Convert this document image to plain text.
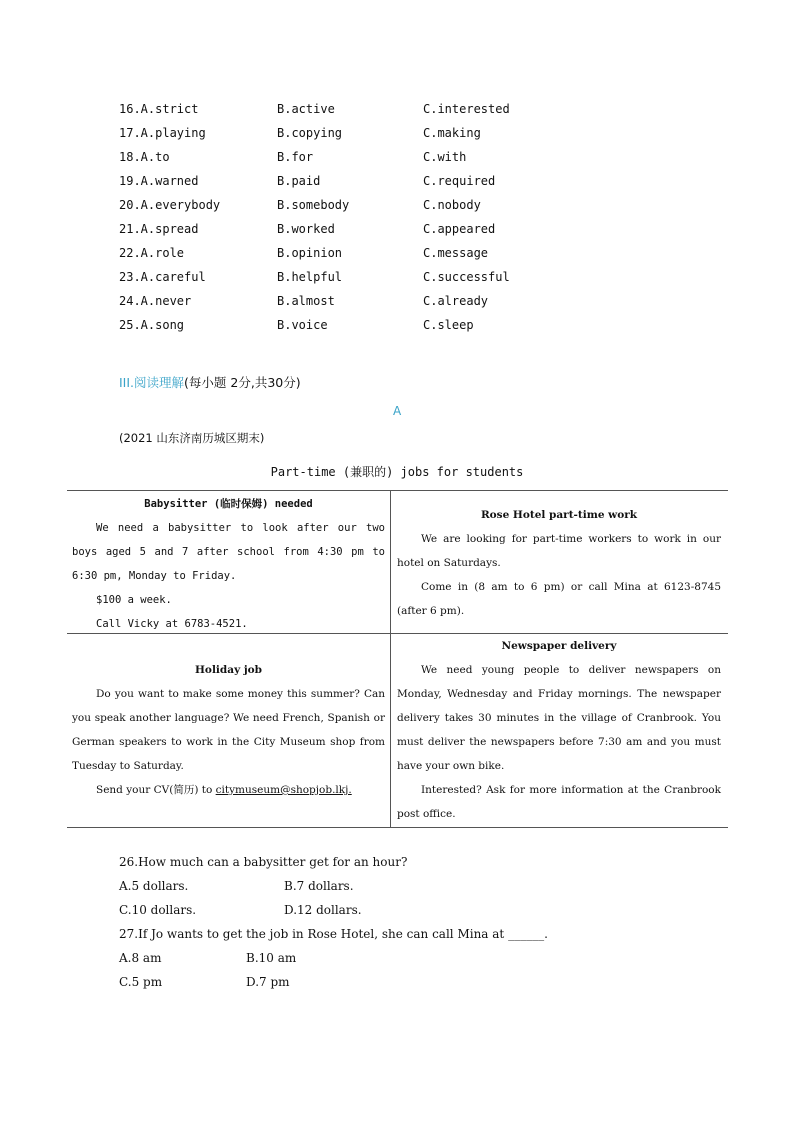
16.A.strict	B.active	C.interested
17.A.playing	B.copying	C.making
18.A.to	B.for	C.with
19.A.warned	B.paid	C.required
20.A.everybody	B.somebody	C.nobody
21.A.spread	B.worked	C.appeared
22.A.role	B.opinion	C.message
23.A.careful	B.helpful	C.successful
24.A.never	B.almost	C.already
25.A.song	B.voice	C.sleep
III.阅读理解(每小题 2分,共30分)
A
(2021 山东济南历城区期末)
Part-time (兼职的) jobs for students

Babysitter (临时保姆) needed

We need a babysitter to look after our two boys aged 5 and 7 after school from 4:30 pm to 6:30 pm, Monday to Friday.

$100 a week.

Call Vicky at 6783-4521.

Rose Hotel part-time work

We are looking for part-time workers to work in our hotel on Saturdays.

Come in (8 am to 6 pm) or call Mina at 6123-8745 (after 6 pm).

Holiday job

Do you want to make some money this summer? Can you speak another language? We need French, Spanish or German speakers to work in the City Museum shop from Tuesday to Saturday.

Send your CV(简历) to citymuseum@shopjob.lkj.

Newspaper delivery

We need young people to deliver newspapers on Monday, Wednesday and Friday mornings. The newspaper delivery takes 30 minutes in the village of Cranbrook. You must deliver the newspapers before 7:30 am and you must have your own bike.

Interested? Ask for more information at the Cranbrook post office.

26.How much can a babysitter get for an hour?
A.5 dollars.	B.7 dollars.
C.10 dollars.	D.12 dollars.
27.If Jo wants to get the job in Rose Hotel, she can call Mina at ______.
A.8 am	B.10 am
C.5 pm	D.7 pm
